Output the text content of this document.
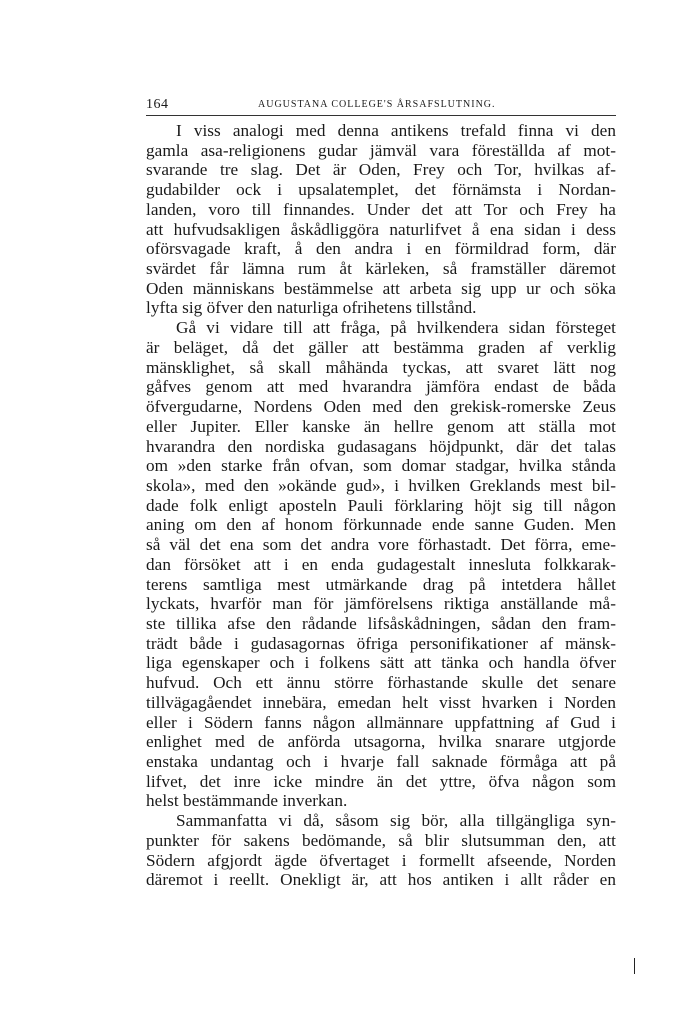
164	AUGUSTANA COLLEGE'S ÅRSAFSLUTNING.
I viss analogi med denna antikens trefald finna vi den
gamla asa-religionens gudar jämväl vara föreställda af mot-
svarande tre slag. Det är Oden, Frey och Tor, hvilkas af-
gudabilder ock i upsalatemplet, det förnämsta i Nordan-
landen, voro till finnandes. Under det att Tor och Frey ha
att hufvudsakligen åskådliggöra naturlifvet å ena sidan i dess
oförsvagade kraft, å den andra i en förmildrad form, där
svärdet får lämna rum åt kärleken, så framställer däremot
Oden människans bestämmelse att arbeta sig upp ur och söka
lyfta sig öfver den naturliga ofrihetens tillstånd.
Gå vi vidare till att fråga, på hvilkendera sidan försteget
är beläget, då det gäller att bestämma graden af verklig
mänsklighet, så skall måhända tyckas, att svaret lätt nog
gåfves genom att med hvarandra jämföra endast de båda
öfvergudarne, Nordens Oden med den grekisk-romerske Zeus
eller Jupiter. Eller kanske än hellre genom att ställa mot
hvarandra den nordiska gudasagans höjdpunkt, där det talas
om »den starke från ofvan, som domar stadgar, hvilka stånda
skola», med den »okände gud», i hvilken Greklands mest bil-
dade folk enligt aposteln Pauli förklaring höjt sig till någon
aning om den af honom förkunnade ende sanne Guden. Men
så väl det ena som det andra vore förhastadt. Det förra, eme-
dan försöket att i en enda gudagestalt innesluta folkkarak-
terens samtliga mest utmärkande drag på intetdera hållet
lyckats, hvarför man för jämförelsens riktiga anställande må-
ste tillika afse den rådande lifsåskådningen, sådan den fram-
trädt både i gudasagornas öfriga personifikationer af mänsk-
liga egenskaper och i folkens sätt att tänka och handla öfver
hufvud. Och ett ännu större förhastande skulle det senare
tillvägagåendet innebära, emedan helt visst hvarken i Norden
eller i Södern fanns någon allmännare uppfattning af Gud i
enlighet med de anförda utsagorna, hvilka snarare utgjorde
enstaka undantag och i hvarje fall saknade förmåga att på
lifvet, det inre icke mindre än det yttre, öfva någon som
helst bestämmande inverkan.
Sammanfatta vi då, såsom sig bör, alla tillgängliga syn-
punkter för sakens bedömande, så blir slutsumman den, att
Södern afgjordt ägde öfvertaget i formellt afseende, Norden
däremot i reellt. Onekligt är, att hos antiken i allt råder en
